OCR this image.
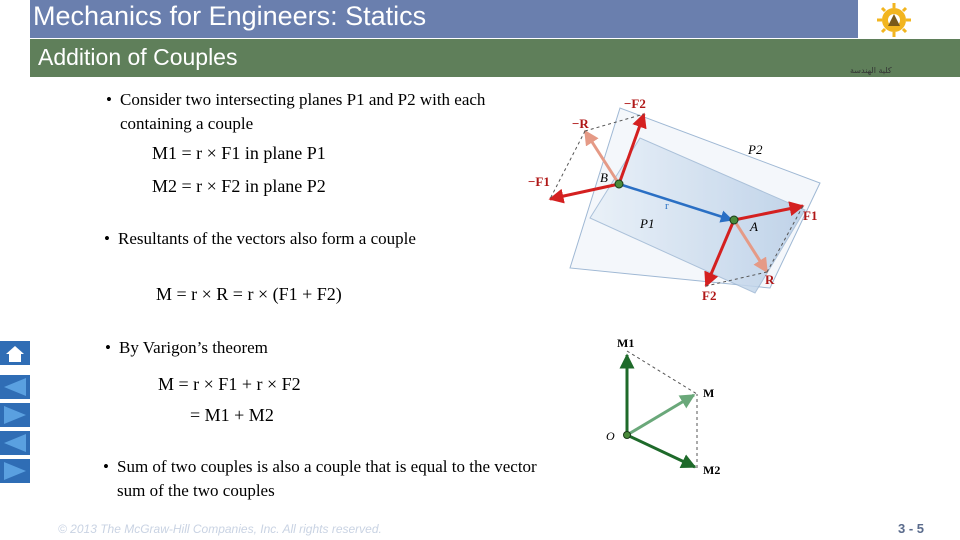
Mechanics for Engineers: Statics
Addition of Couples
كلية الهندسة
• Consider two intersecting planes P1 and P2 with each containing a couple
M1 = r × F1 in plane P1
M2 = r × F2 in plane P2
• Resultants of the vectors also form a couple
M = r × R = r × (F1 + F2)
• By Varigon’s theorem
M = r × F1 + r × F2
= M1 + M2
• Sum of two couples is also a couple that is equal to the vector sum of the two couples
−F2
−R
−F1	B
P2
r
P1	A
F1
R
F2
M1
M
O
M2
© 2013 The McGraw-Hill Companies, Inc. All rights reserved.	3 - 5
